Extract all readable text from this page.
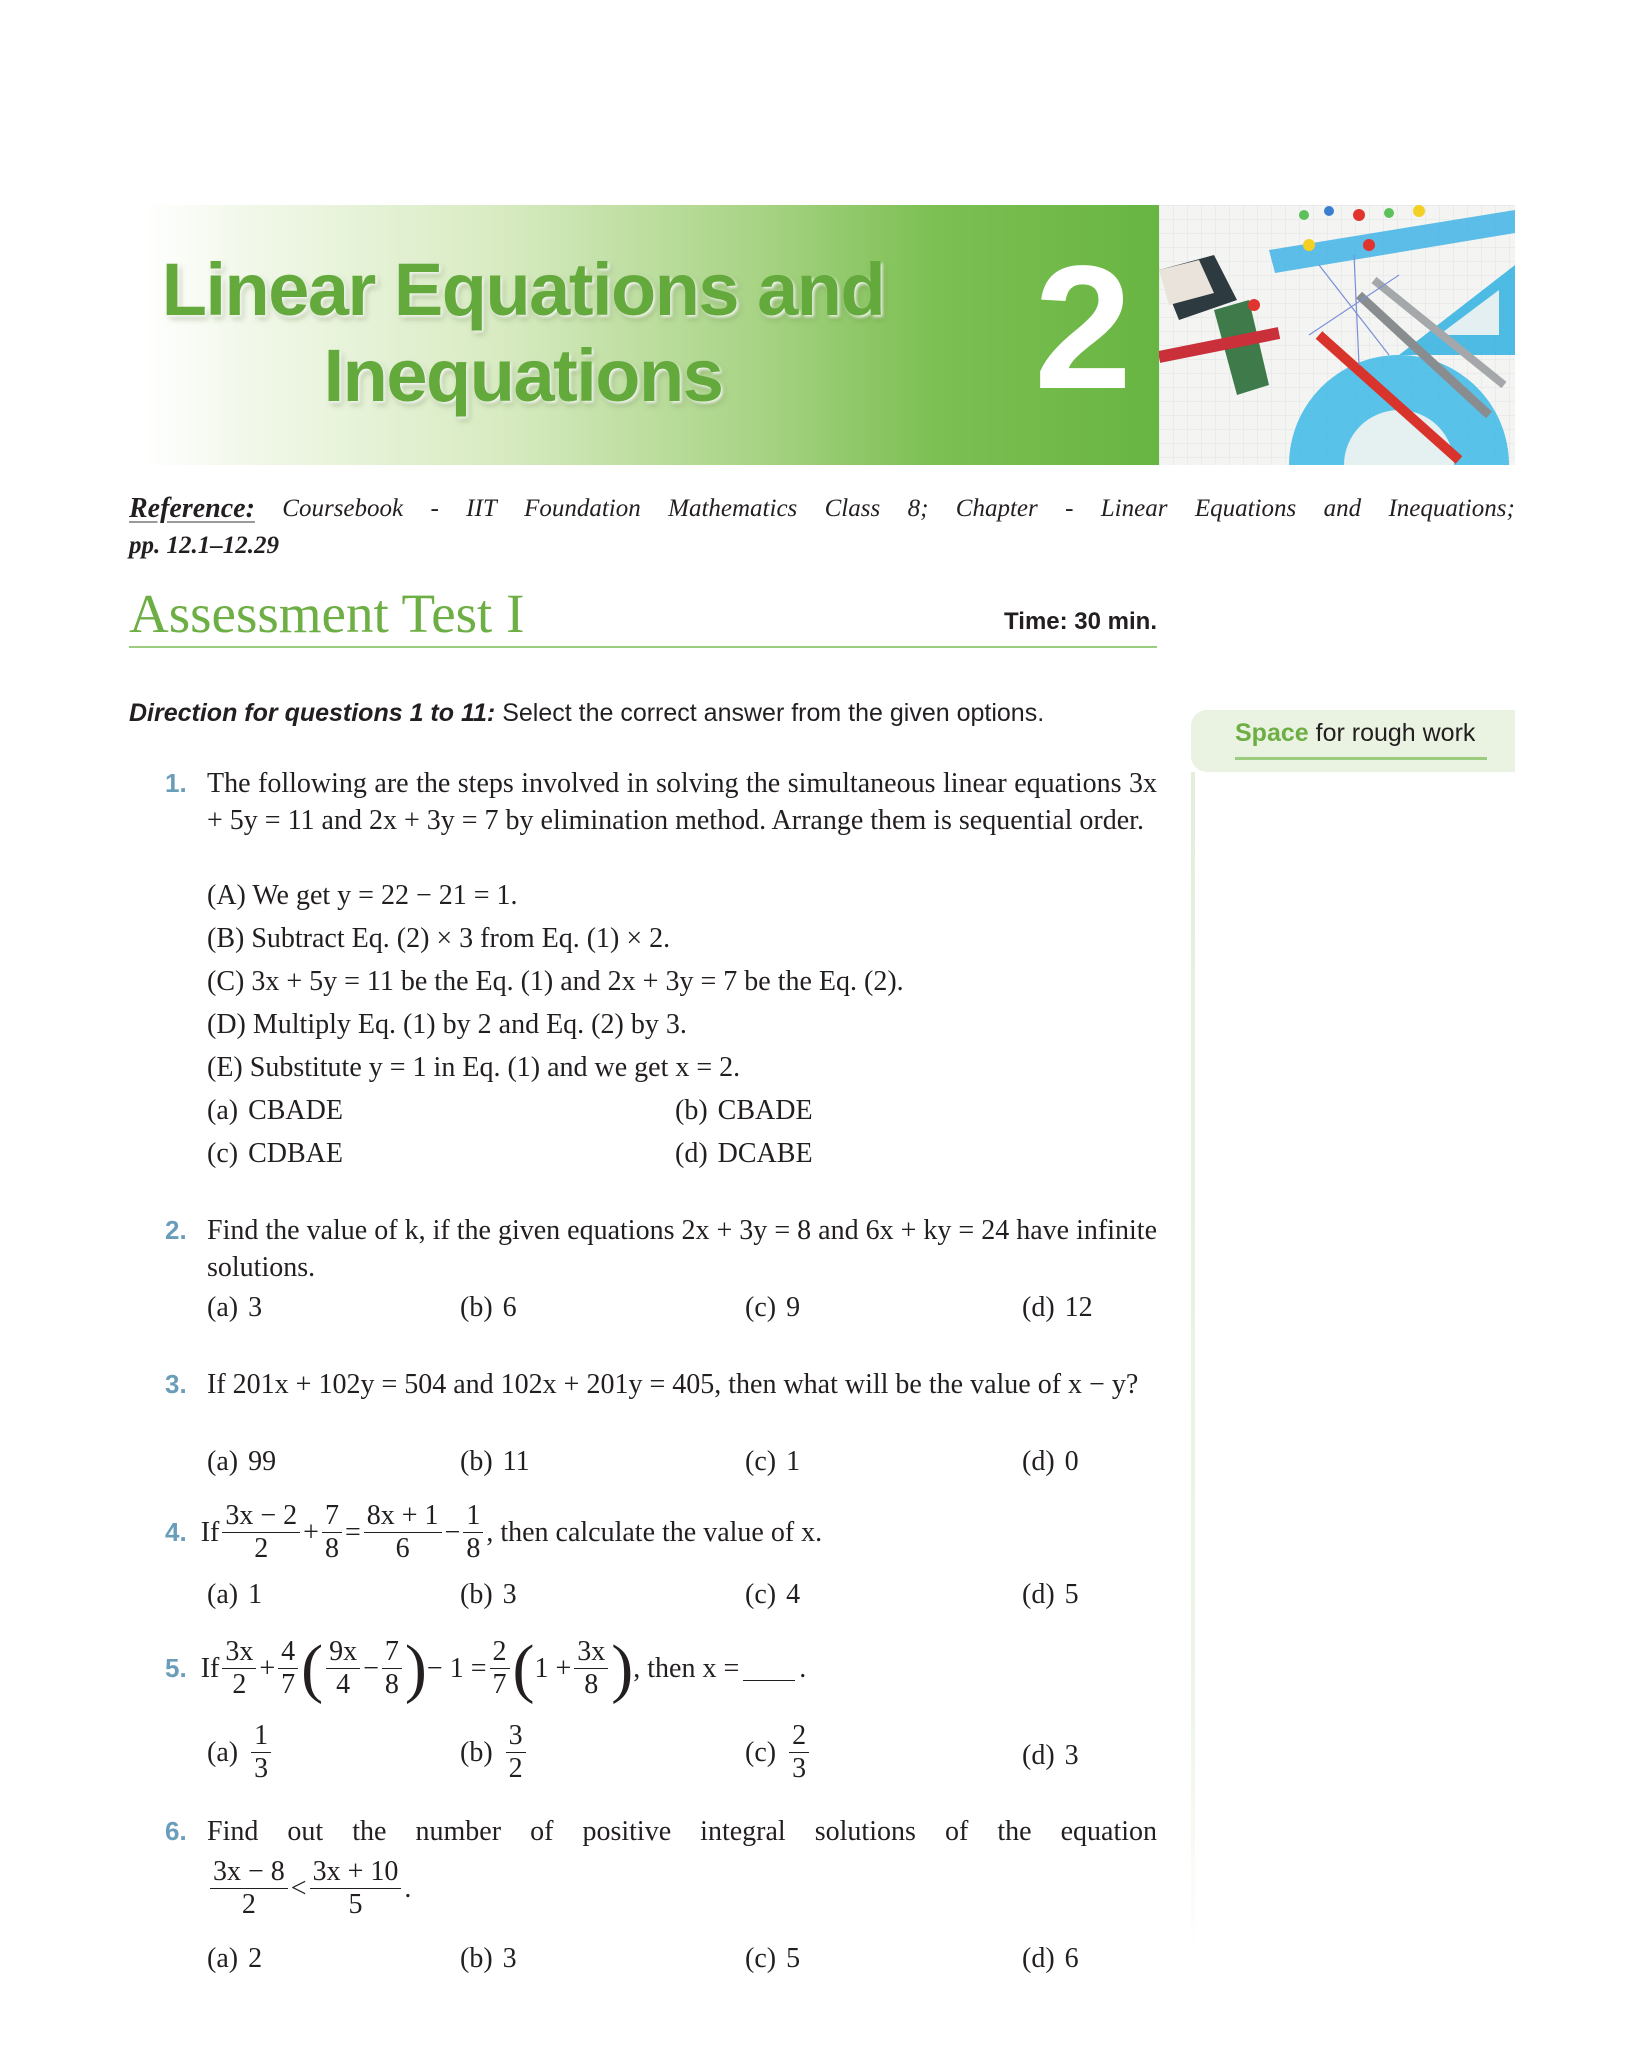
Linear Equations and
Inequations	2
Reference: Coursebook - IIT Foundation Mathematics Class 8; Chapter - Linear Equations and Inequations;
pp. 12.1–12.29
Assessment Test I	Time: 30 min.
Direction for questions 1 to 11: Select the correct answer from the given options.
Space for rough work
1. The following are the steps involved in solving the simultaneous linear equations 3x + 5y = 11 and 2x + 3y = 7 by elimination method. Arrange them is sequential order.
(A) We get y = 22 − 21 = 1.
(B) Subtract Eq. (2) × 3 from Eq. (1) × 2.
(C) 3x + 5y = 11 be the Eq. (1) and 2x + 3y = 7 be the Eq. (2).
(D) Multiply Eq. (1) by 2 and Eq. (2) by 3.
(E) Substitute y = 1 in Eq. (1) and we get x = 2.
(a) CBADE	(b) CBADE
(c) CDBAE	(d) DCABE
2. Find the value of k, if the given equations 2x + 3y = 8 and 6x + ky = 24 have infinite solutions.
(a) 3	(b) 6	(c) 9	(d) 12
3. If 201x + 102y = 504 and 102x + 201y = 405, then what will be the value of x − y?
(a) 99	(b) 11	(c) 1	(d) 0
4. If $\frac{3x - 2}{2} + \frac{7}{8} = \frac{8x + 1}{6} - \frac{1}{8}$ , then calculate the value of x.
(a) 1	(b) 3	(c) 4	(d) 5
5. If $\frac{3x}{2} + \frac{4}{7}$ ( $\frac{9x}{4} - \frac{7}{8}$ ) − $1 = \frac{2}{7}$ ( $1 + \frac{3x}{8}$ ) , then x = .
$(a) \frac{1}{3}$	$(b) \frac{3}{2}$	$(c) \frac{2}{3}$	(d) 3
6. Find out the number of positive integral solutions of the equation
$\frac{3x - 8}{2} < \frac{3x + 10}{5}$ .
(a) 2	(b) 3	(c) 5	(d) 6
